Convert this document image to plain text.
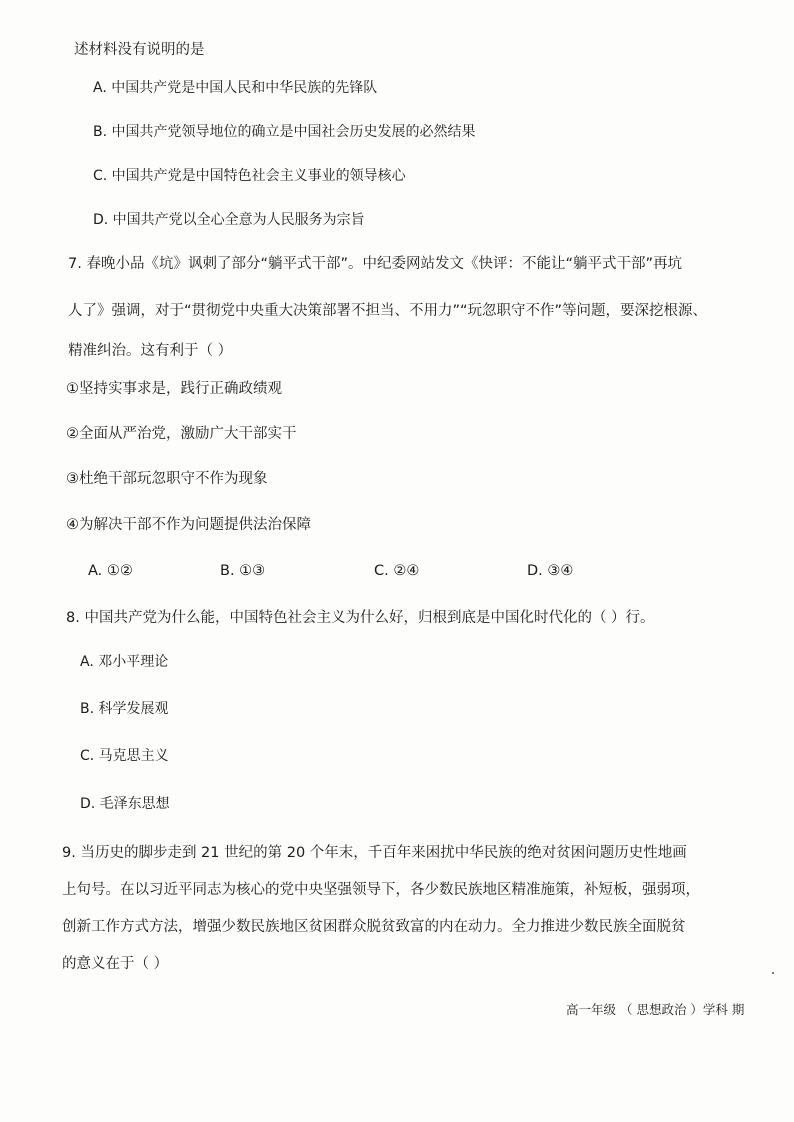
述材料没有说明的是
A. 中国共产党是中国人民和中华民族的先锋队
B. 中国共产党领导地位的确立是中国社会历史发展的必然结果
C. 中国共产党是中国特色社会主义事业的领导核心
D. 中国共产党以全心全意为人民服务为宗旨
7. 春晚小品《坑》讽刺了部分“躺平式干部”。中纪委网站发文《快评：不能让“躺平式干部”再坑
人了》强调，对于“贯彻党中央重大决策部署不担当、不用力”“玩忽职守不作”等问题，要深挖根源、
精准纠治。这有利于（ ）
①坚持实事求是，践行正确政绩观
②全面从严治党，激励广大干部实干
③杜绝干部玩忽职守不作为现象
④为解决干部不作为问题提供法治保障
A. ①②	B. ①③	C. ②④	D. ③④
8. 中国共产党为什么能，中国特色社会主义为什么好，归根到底是中国化时代化的（ ）行。
A. 邓小平理论
B. 科学发展观
C. 马克思主义
D. 毛泽东思想
9. 当历史的脚步走到 21 世纪的第 20 个年末，千百年来困扰中华民族的绝对贫困问题历史性地画
上句号。在以习近平同志为核心的党中央坚强领导下，各少数民族地区精准施策，补短板，强弱项，
创新工作方式方法，增强少数民族地区贫困群众脱贫致富的内在动力。全力推进少数民族全面脱贫
的意义在于（ ）
高一年级 （ 思想政治 ）学科 期
